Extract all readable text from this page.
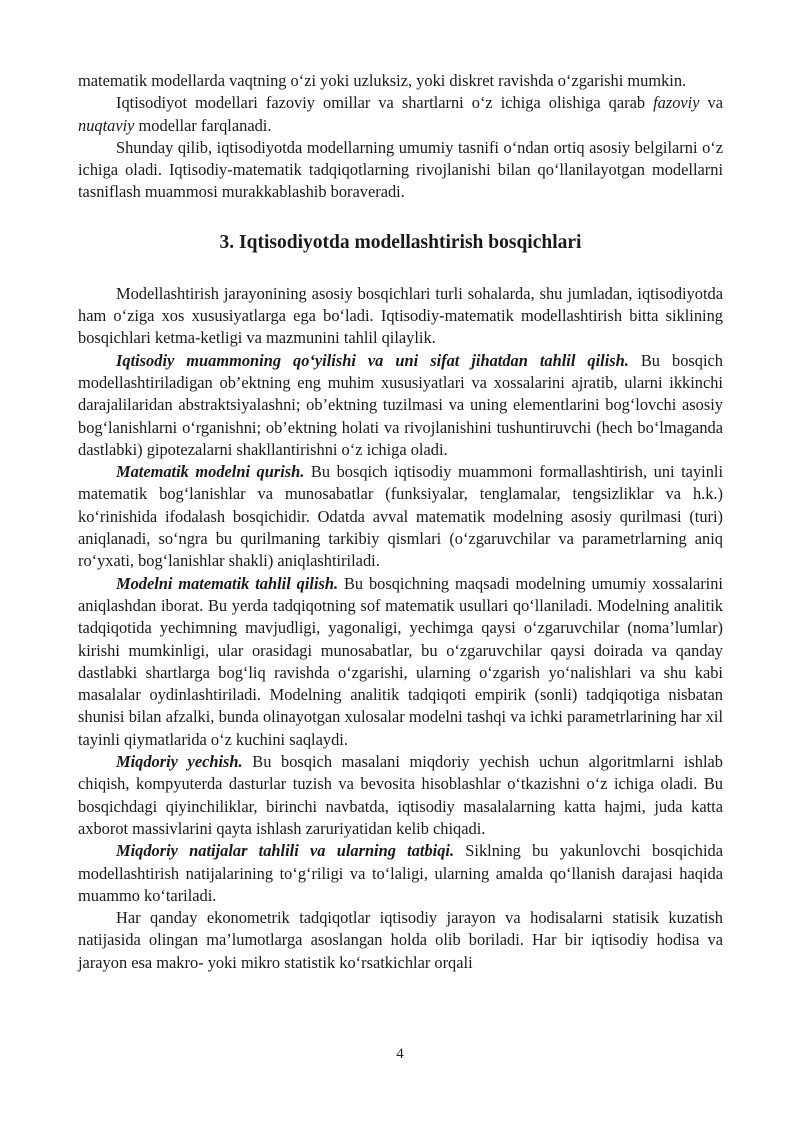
matematik modellarda vaqtning o‘zi yoki uzluksiz, yoki diskret ravishda o‘zgarishi mumkin.

Iqtisodiyot modellari fazoviy omillar va shartlarni o‘z ichiga olishiga qarab fazoviy va nuqtaviy modellar farqlanadi.

Shunday qilib, iqtisodiyotda modellarning umumiy tasnifi o‘ndan ortiq asosiy belgilarni o‘z ichiga oladi. Iqtisodiy-matematik tadqiqotlarning rivojlanishi bilan qo‘llanilayotgan modellarni tasniflash muammosi murakkablashib boraveradi.

3. Iqtisodiyotda modellashtirish bosqichlari

Modellashtirish jarayonining asosiy bosqichlari turli sohalarda, shu jumladan, iqtisodiyotda ham o‘ziga xos xususiyatlarga ega bo‘ladi. Iqtisodiy-matematik modellashtirish bitta siklining bosqichlari ketma-ketligi va mazmunini tahlil qilaylik.

Iqtisodiy muammoning qo‘yilishi va uni sifat jihatdan tahlil qilish. Bu bosqich modellashtiriladigan ob’ektning eng muhim xususiyatlari va xossalarini ajratib, ularni ikkinchi darajalilaridan abstraktsiyalashni; ob’ektning tuzilmasi va uning elementlarini bog‘lovchi asosiy bog‘lanishlarni o‘rganishni; ob’ektning holati va rivojlanishini tushuntiruvchi (hech bo‘lmaganda dastlabki) gipotezalarni shakllantirishni o‘z ichiga oladi.

Matematik modelni qurish. Bu bosqich iqtisodiy muammoni formallashtirish, uni tayinli matematik bog‘lanishlar va munosabatlar (funksiyalar, tenglamalar, tengsizliklar va h.k.) ko‘rinishida ifodalash bosqichidir. Odatda avval matematik modelning asosiy qurilmasi (turi) aniqlanadi, so‘ngra bu qurilmaning tarkibiy qismlari (o‘zgaruvchilar va parametrlarning aniq ro‘yxati, bog‘lanishlar shakli) aniqlashtiriladi.

Modelni matematik tahlil qilish. Bu bosqichning maqsadi modelning umumiy xossalarini aniqlashdan iborat. Bu yerda tadqiqotning sof matematik usullari qo‘llaniladi. Modelning analitik tadqiqotida yechimning mavjudligi, yagonaligi, yechimga qaysi o‘zgaruvchilar (noma’lumlar) kirishi mumkinligi, ular orasidagi munosabatlar, bu o‘zgaruvchilar qaysi doirada va qanday dastlabki shartlarga bog‘liq ravishda o‘zgarishi, ularning o‘zgarish yo‘nalishlari va shu kabi masalalar oydinlashtiriladi. Modelning analitik tadqiqoti empirik (sonli) tadqiqotiga nisbatan shunisi bilan afzalki, bunda olinayotgan xulosalar modelni tashqi va ichki parametrlarining har xil tayinli qiymatlarida o‘z kuchini saqlaydi.

Miqdoriy yechish. Bu bosqich masalani miqdoriy yechish uchun algoritmlarni ishlab chiqish, kompyuterda dasturlar tuzish va bevosita hisoblashlar o‘tkazishni o‘z ichiga oladi. Bu bosqichdagi qiyinchiliklar, birinchi navbatda, iqtisodiy masalalarning katta hajmi, juda katta axborot massivlarini qayta ishlash zaruriyatidan kelib chiqadi.

Miqdoriy natijalar tahlili va ularning tatbiqi. Siklning bu yakunlovchi bosqichida modellashtirish natijalarining to‘g‘riligi va to‘laligi, ularning amalda qo‘llanish darajasi haqida muammo ko‘tariladi.

Har qanday ekonometrik tadqiqotlar iqtisodiy jarayon va hodisalarni statisik kuzatish natijasida olingan ma’lumotlarga asoslangan holda olib boriladi. Har bir iqtisodiy hodisa va jarayon esa makro- yoki mikro statistik ko‘rsatkichlar orqali

4
